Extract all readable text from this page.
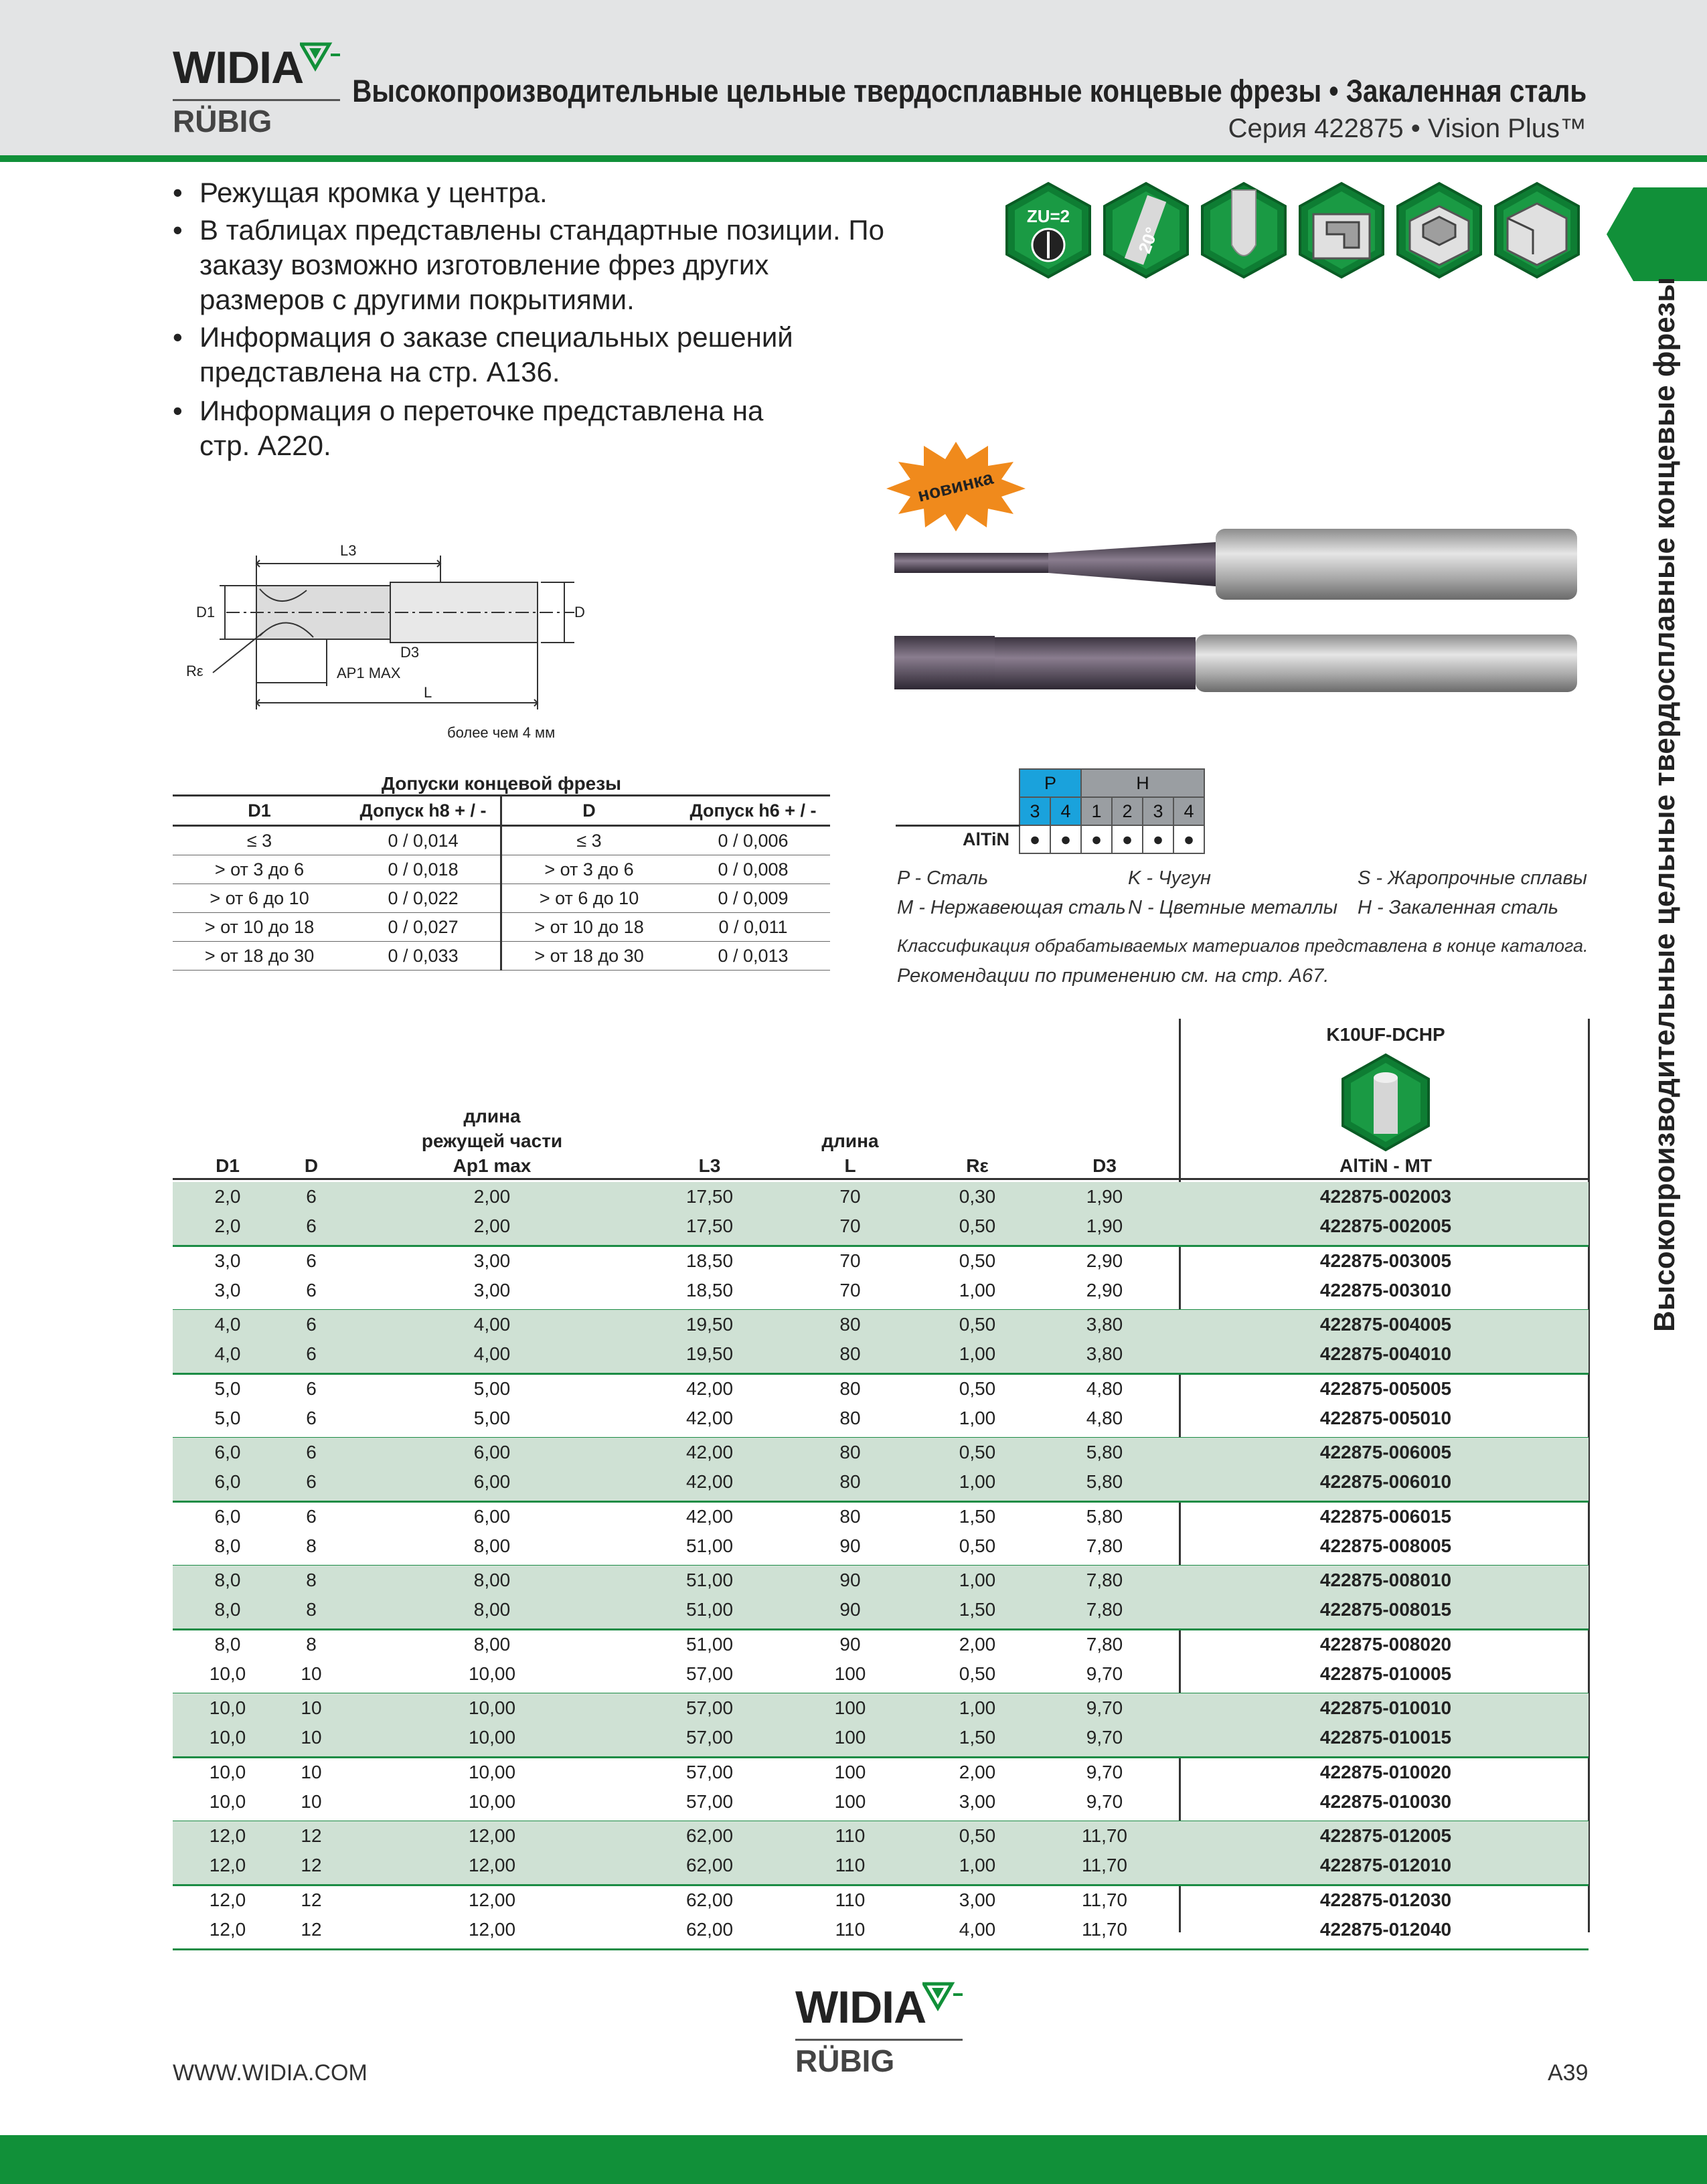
WIDIA
RÜBIG
Высокопроизводительные цельные твердосплавные концевые фрезы • Закаленная сталь
Серия 422875 • Vision Plus™
• Режущая кромка у центра.
• В таблицах представлены стандартные позиции. По заказу возможно изготовление фрез других размеров с другими покрытиями.
• Информация о заказе специальных решений представлена на стр. A136.
• Информация о переточке представлена на стр. A220.
ZU=2
20°
Высокопроизводительные цельные твердосплавные концевые фрезы
новинка
L3
D1	D
D3
Rε	AP1 MAX
L
более чем 4 мм
Допуски концевой фрезы			
D1	Допуск h8 + / -	D	Допуск h6 + / -
≤ 3	0 / 0,014	≤ 3	0 / 0,006
> от 3 до 6	0 / 0,018	> от 3 до 6	0 / 0,008
> от 6 до 10	0 / 0,022	> от 6 до 10	0 / 0,009
> от 10 до 18	0 / 0,027	> от 10 до 18	0 / 0,011
> от 18 до 30	0 / 0,033	> от 18 до 30	0 / 0,013
	P		H			
	3	4	1	2	3	4
AlTiN	●	●	●	●	●	●
P - Сталь	K - Чугун	S - Жаропрочные сплавы
M - Нержавеющая сталь N - Цветные металлы H - Закаленная сталь
Классификация обрабатываемых материалов представлена в конце каталога.
Рекомендации по применению см. на стр. A67.
K10UF-DCHP
AlTiN - MT
D1	D
длина
режущей части
Ap1 max	L3
длина
L	Rε	D3
2,0	6	2,00	17,50	70	0,30	1,90	422875-002003
2,0	6	2,00	17,50	70	0,50	1,90	422875-002005
3,0	6	3,00	18,50	70	0,50	2,90	422875-003005
3,0	6	3,00	18,50	70	1,00	2,90	422875-003010
4,0	6	4,00	19,50	80	0,50	3,80	422875-004005
4,0	6	4,00	19,50	80	1,00	3,80	422875-004010
5,0	6	5,00	42,00	80	0,50	4,80	422875-005005
5,0	6	5,00	42,00	80	1,00	4,80	422875-005010
6,0	6	6,00	42,00	80	0,50	5,80	422875-006005
6,0	6	6,00	42,00	80	1,00	5,80	422875-006010
6,0	6	6,00	42,00	80	1,50	5,80	422875-006015
8,0	8	8,00	51,00	90	0,50	7,80	422875-008005
8,0	8	8,00	51,00	90	1,00	7,80	422875-008010
8,0	8	8,00	51,00	90	1,50	7,80	422875-008015
8,0	8	8,00	51,00	90	2,00	7,80	422875-008020
10,0	10	10,00	57,00	100	0,50	9,70	422875-010005
10,0	10	10,00	57,00	100	1,00	9,70	422875-010010
10,0	10	10,00	57,00	100	1,50	9,70	422875-010015
10,0	10	10,00	57,00	100	2,00	9,70	422875-010020
10,0	10	10,00	57,00	100	3,00	9,70	422875-010030
12,0	12	12,00	62,00	110	0,50	11,70	422875-012005
12,0	12	12,00	62,00	110	1,00	11,70	422875-012010
12,0	12	12,00	62,00	110	3,00	11,70	422875-012030
12,0	12	12,00	62,00	110	4,00	11,70	422875-012040
WWW.WIDIA.COM
WIDIA
RÜBIG	A39
